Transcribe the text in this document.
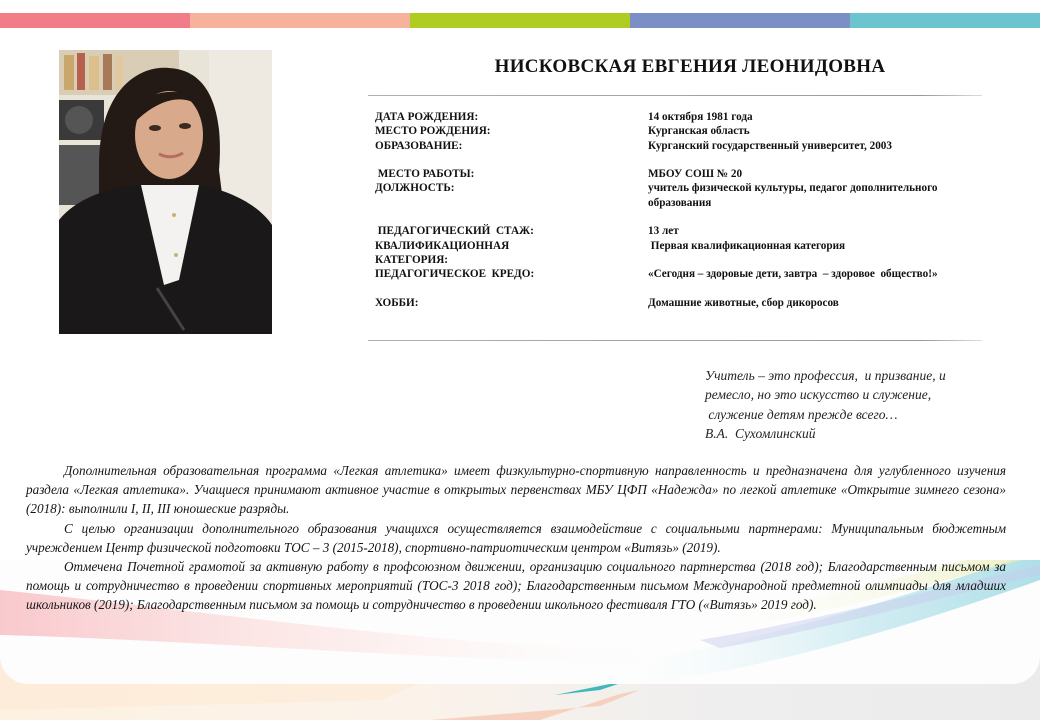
НИСКОВСКАЯ ЕВГЕНИЯ ЛЕОНИДОВНА
ДАТА РОЖДЕНИЯ:	14 октября 1981 года
МЕСТО РОЖДЕНИЯ:	Курганская область
ОБРАЗОВАНИЕ:	Курганский государственный университет, 2003
МЕСТО РАБОТЫ:	МБОУ СОШ № 20
ДОЛЖНОСТЬ:	учитель физической культуры, педагог дополнительного образования
ПЕДАГОГИЧЕСКИЙ  СТАЖ:	13 лет
КВАЛИФИКАЦИОННАЯ КАТЕГОРИЯ:
Первая квалификационная категория
ПЕДАГОГИЧЕСКОЕ  КРЕДО:	«Сегодня – здоровые дети, завтра  – здоровое  общество!»
ХОББИ:	Домашние животные, сбор дикоросов
Учитель – это профессия,  и призвание, и
ремесло, но это искусство и служение,
служение детям прежде всего…
В.А.  Сухомлинский

Дополнительная образовательная программа «Легкая атлетика» имеет физкультурно-спортивную направленность и предназначена для углубленного изучения раздела «Легкая атлетика». Учащиеся принимают активное участие в открытых первенствах МБУ ЦФП «Надежда» по легкой атлетике «Открытие зимнего сезона» (2018): выполнили I, II, III юношеские разряды.

С целью организации дополнительного образования учащихся осуществляется взаимодействие с социальными партнерами: Муниципальным бюджетным учреждением Центр физической подготовки ТОС – 3 (2015-2018), спортивно-патриотическим центром «Витязь» (2019).

Отмечена Почетной грамотой за активную работу в профсоюзном движении, организацию социального партнерства (2018 год); Благодарственным письмом за помощь и сотрудничество в проведении спортивных мероприятий (ТОС-3 2018 год); Благодарственным письмом Международной предметной олимпиады для младших школьников (2019); Благодарственным письмом за помощь и сотрудничество в проведении школьного фестиваля ГТО («Витязь» 2019 год).
